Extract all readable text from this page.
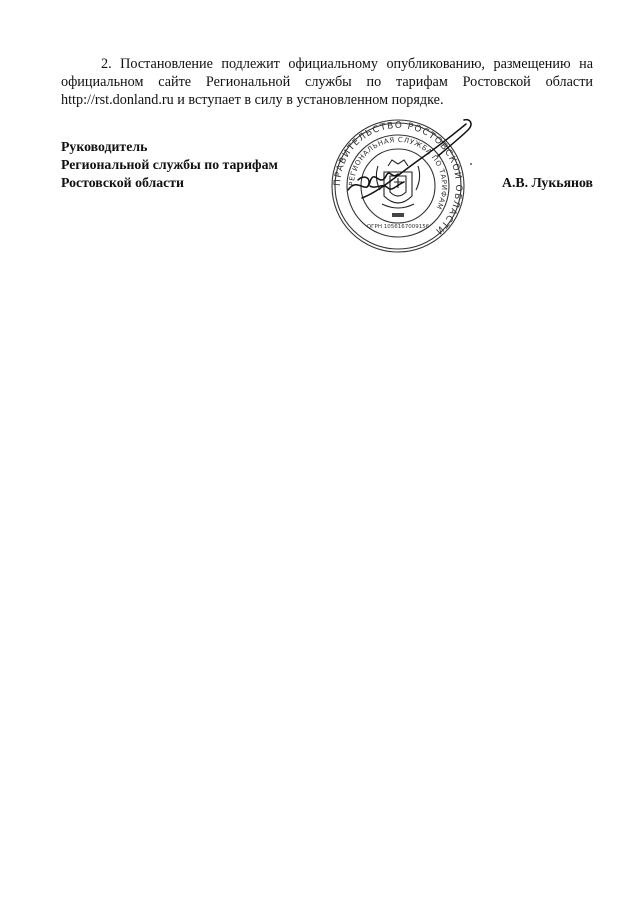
2. Постановление подлежит официальному опубликованию, размещению на официальном сайте Региональной службы по тарифам Ростовской области http://rst.donland.ru и вступает в силу в установленном порядке.

Руководитель
Региональной службы по тарифам
Ростовской области	А.В. Лукьянов
ПРАВИТЕЛЬСТВО РОСТОВСКОЙ ОБЛАСТИ
РЕГИОНАЛЬНАЯ СЛУЖБА ПО ТАРИФАМ
ОГРН 1056167009156
